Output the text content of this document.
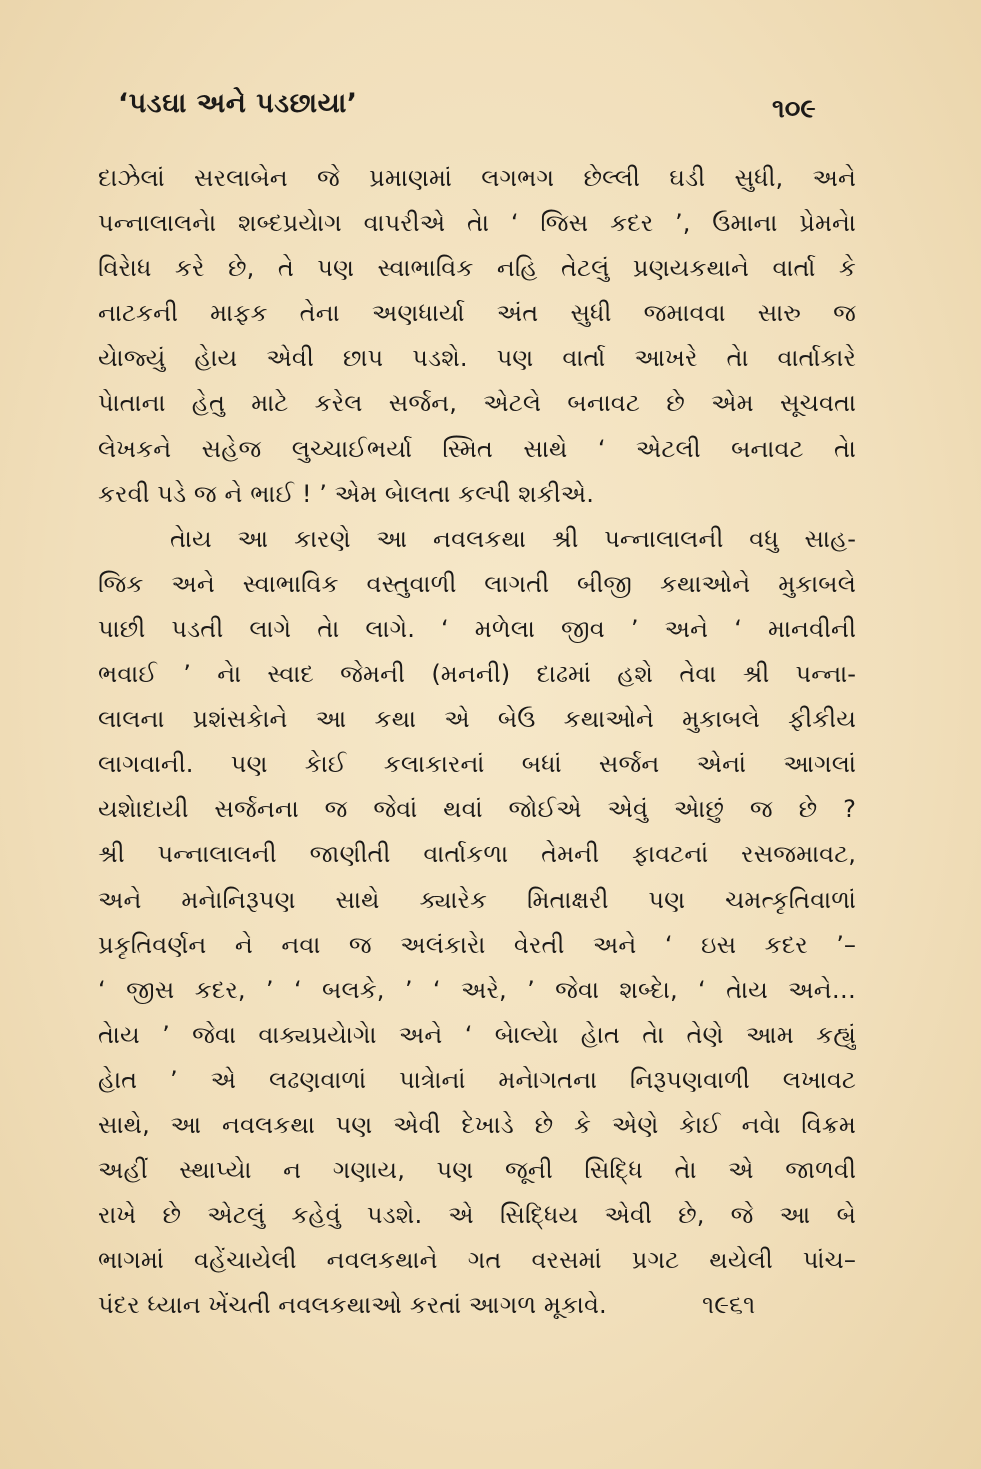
‘પડઘા અને પડછાયા’	૧૦૯
દાઝેલાં સરલાબેન જે પ્રમાણમાં લગભગ છેલ્લી ઘડી સુધી, અને
પન્નાલાલનેા શબ્દપ્રયેાગ વાપરીએ તેા ‘ જિસ કદર ’, ઉમાના પ્રેમનેા
વિરેાધ કરે છે, તે પણ સ્વાભાવિક નહિ તેટલું પ્રણયકથાને વાર્તા કે
નાટકની માફક તેના અણધાર્યા અંત સુધી જમાવવા સારુ જ
યેાજ્યું હેાય એવી છાપ પડશે. પણ વાર્તા આખરે તેા વાર્તાકારે
પેાતાના હેતુ માટે કરેલ સર્જન, એટલે બનાવટ છે એમ સૂચવતા
લેખકને સહેજ લુચ્ચાઈભર્યા સ્મિત સાથે ‘ એટલી બનાવટ તેા
કરવી પડે જ ને ભાઈ ! ’ એમ બેાલતા કલ્પી શકીએ.
તેાય આ કારણે આ નવલકથા શ્રી પન્નાલાલની વધુ સાહ-
જિક અને સ્વાભાવિક વસ્તુવાળી લાગતી બીજી કથાઓને મુકાબલે
પાછી પડતી લાગે તેા લાગે. ‘ મળેલા જીવ ’ અને ‘ માનવીની
ભવાઈ ’ નેા સ્વાદ જેમની (મનની) દાઢમાં હશે તેવા શ્રી પન્ના-
લાલના પ્રશંસકેાને આ કથા એ બેઉ કથાઓને મુકાબલે ફીકીય
લાગવાની. પણ કેાઈ કલાકારનાં બધાં સર્જન એનાં આગલાં
યશેાદાયી સર્જનના જ જેવાં થવાં જોઈએ એવું એાછું જ છે ?
શ્રી પન્નાલાલની જાણીતી વાર્તાકળા તેમની ફાવટનાં રસજમાવટ,
અને મનેાનિરૂપણ સાથે ક્યારેક મિતાક્ષરી પણ ચમત્કૃતિવાળાં
પ્રકૃતિવર્ણન ને નવા જ અલંકારેા વેરતી અને ‘ ઇસ કદર ’–
‘ જીસ કદર, ’ ‘ બલકે, ’ ‘ અરે, ’ જેવા શબ્દેા, ‘ તેાય અને…
તેાય ’ જેવા વાક્યપ્રયેાગેા અને ‘ બેાલ્યેા હેાત તેા તેણે આમ કહ્યું
હેાત ’ એ લઢણવાળાં પાત્રેાનાં મનેાગતના નિરૂપણવાળી લખાવટ
સાથે, આ નવલકથા પણ એવી દેખાડે છે કે એણે કેાઈ નવેા વિક્રમ
અહીં સ્થાપ્યેા ન ગણાય, પણ જૂની સિદ્ધિ તેા એ જાળવી
રાખે છે એટલું કહેવું પડશે. એ સિદ્ધિય એવી છે, જે આ બે
ભાગમાં વહેંચાયેલી નવલકથાને ગત વરસમાં પ્રગટ થયેલી પાંચ–
પંદર ધ્યાન ખેંચતી નવલકથાઓ કરતાં આગળ મૂકાવે.	૧૯૬૧
